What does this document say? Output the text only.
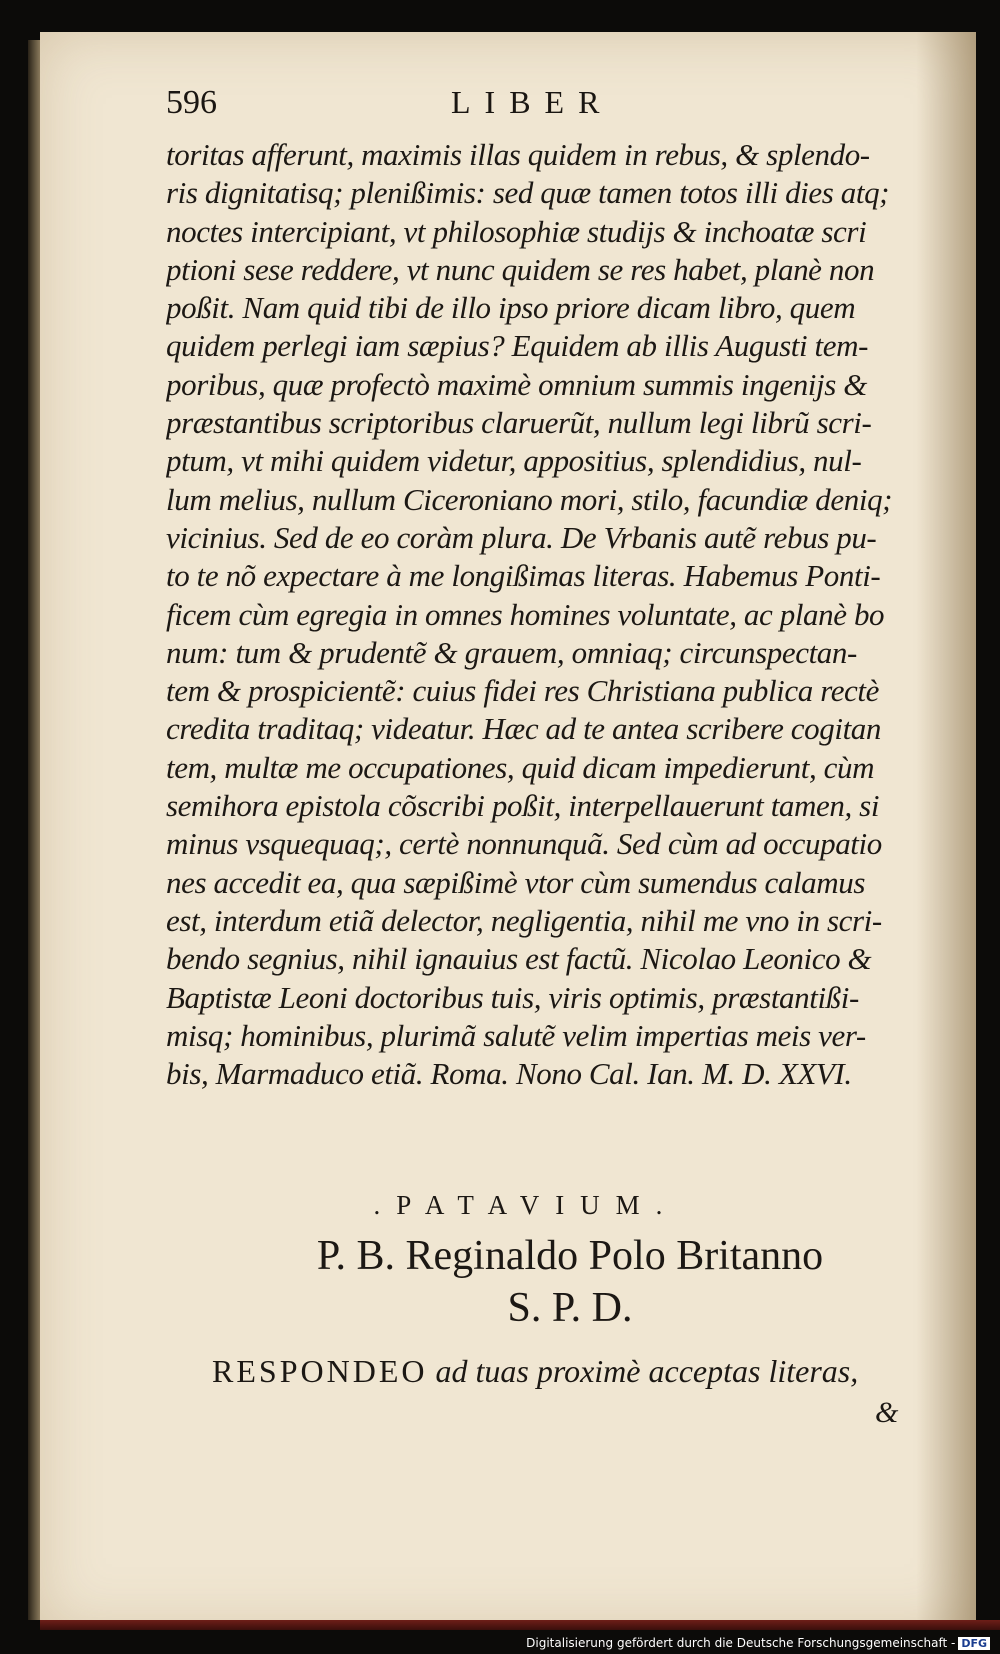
596	LIBER
toritas afferunt, maximis illas quidem in rebus, & splendo-
ris dignitatisq; plenißimis: sed quæ tamen totos illi dies atq;
noctes intercipiant, vt philosophiæ studijs & inchoatæ scri
ptioni sese reddere, vt nunc quidem se res habet, planè non
poßit. Nam quid tibi de illo ipso priore dicam libro, quem
quidem perlegi iam sæpius? Equidem ab illis Augusti tem-
poribus, quæ profectò maximè omnium summis ingenijs &
præstantibus scriptoribus claruerũt, nullum legi librũ scri-
ptum, vt mihi quidem videtur, appositius, splendidius, nul-
lum melius, nullum Ciceroniano mori, stilo, facundiæ deniq;
vicinius. Sed de eo coràm plura. De Vrbanis autẽ rebus pu-
to te nõ expectare à me longißimas literas. Habemus Ponti-
ficem cùm egregia in omnes homines voluntate, ac planè bo
num: tum & prudentẽ & grauem, omniaq; circunspectan-
tem & prospicientẽ: cuius fidei res Christiana publica rectè
credita traditaq; videatur. Hæc ad te antea scribere cogitan
tem, multæ me occupationes, quid dicam impedierunt, cùm
semihora epistola cõscribi poßit, interpellauerunt tamen, si
minus vsquequaq;, certè nonnunquã. Sed cùm ad occupatio
nes accedit ea, qua sæpißimè vtor cùm sumendus calamus
est, interdum etiã delector, negligentia, nihil me vno in scri-
bendo segnius, nihil ignauius est factũ. Nicolao Leonico &
Baptistæ Leoni doctoribus tuis, viris optimis, præstantißi-
misq; hominibus, plurimã salutẽ velim impertias meis ver-
bis, Marmaduco etiã. Roma. Nono Cal. Ian. M. D. XXVI.
.PATAVIUM.
P. B. Reginaldo Polo Britanno
S. P. D.
RESPONDEO ad tuas proximè acceptas literas,
&
Digitalisierung gefördert durch die Deutsche Forschungsgemeinschaft - DFG
